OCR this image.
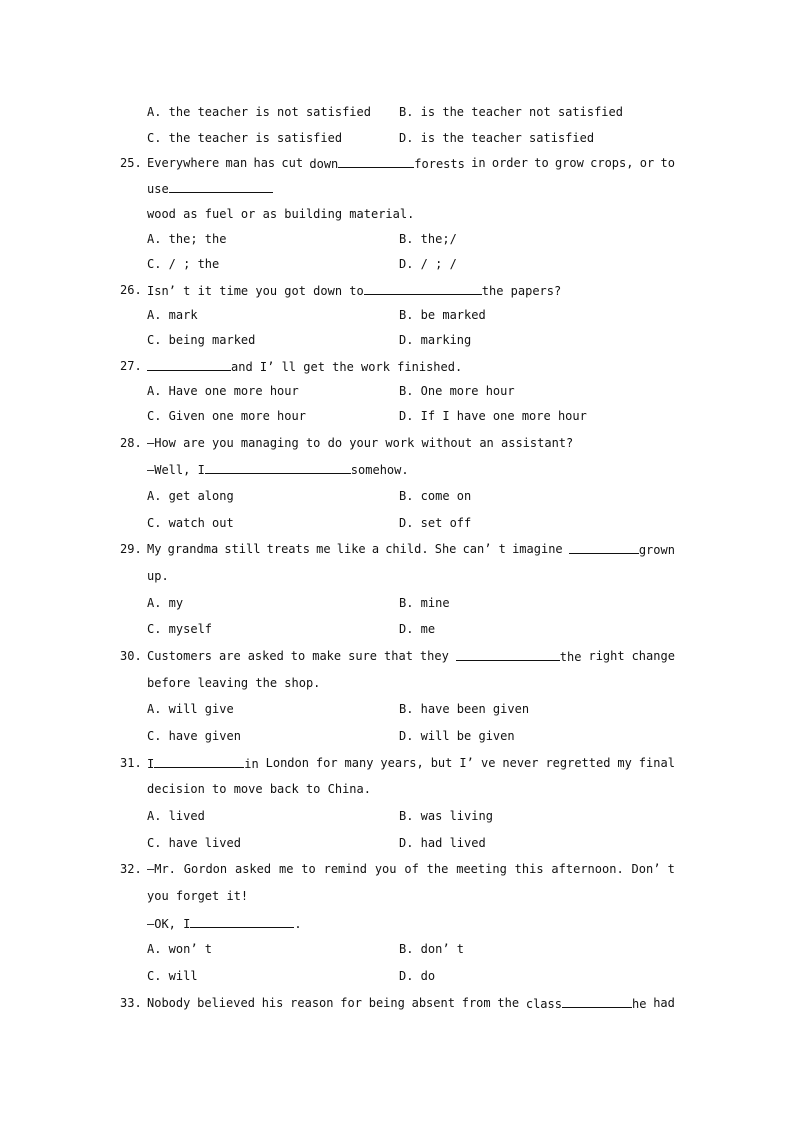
A. the teacher is not satisfied B. is the teacher not satisfied
C. the teacher is satisfied	D. is the teacher satisfied
25. Everywhere man has cut down	forests in order to grow crops, or to
use
wood as fuel or as building material.
A. the; the	B. the;/
C. / ; the	D. / ; /
26. Isn’ t it time you got down to	the papers?
A. mark	B. be marked
C. being marked	D. marking
27.	and I’ ll get the work finished.
A. Have one more hour	B. One more hour
C. Given one more hour	D. If I have one more hour
28. —How are you managing to do your work without an assistant?
—Well, I	somehow.
A. get along	B. come on
C. watch out	D. set off
29. My grandma still treats me like a child. She can’ t imagine	grown
up.
A. my	B. mine
C. myself	D. me
30. Customers are asked to make sure that they	the right change
before leaving the shop.
A. will give	B. have been given
C. have given	D. will be given
31. I	in London for many years, but I’ ve never regretted my final
decision to move back to China.
A. lived	B. was living
C. have lived	D. had lived
32. —Mr. Gordon asked me to remind you of the meeting this afternoon. Don’ t
you forget it!
—OK, I	.
A. won’ t	B. don’ t
C. will	D. do
33. Nobody believed his reason for being absent from the class	he had
